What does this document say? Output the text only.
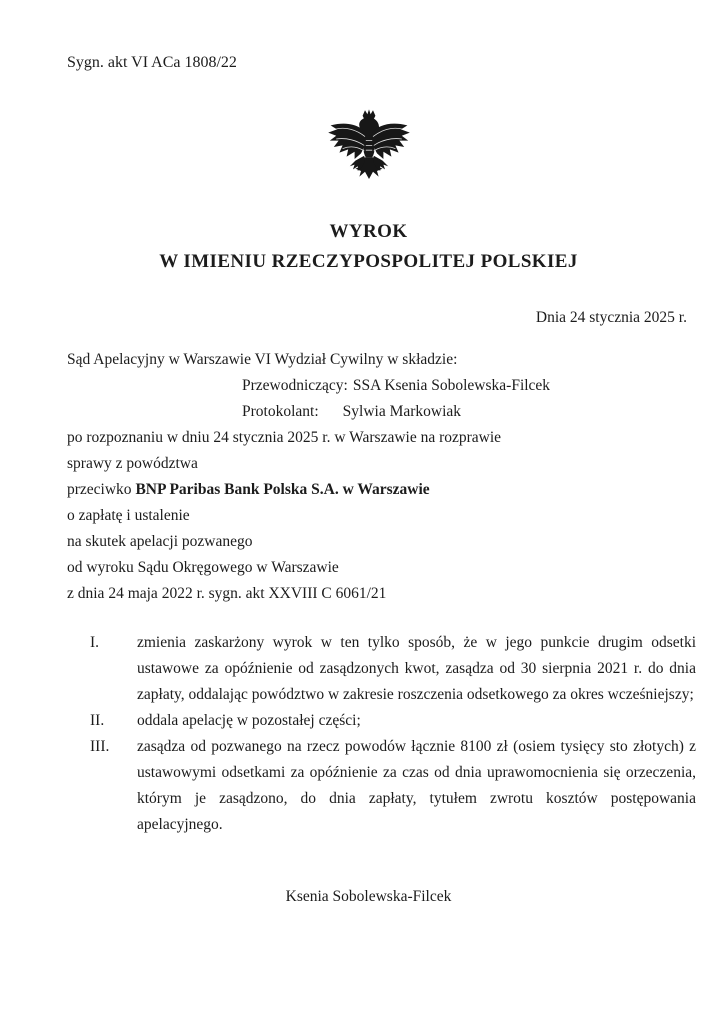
Sygn. akt VI ACa 1808/22

WYROK
W IMIENIU RZECZYPOSPOLITEJ POLSKIEJ

Dnia 24 stycznia 2025 r.

Sąd Apelacyjny w Warszawie VI Wydział Cywilny w składzie:

Przewodniczący: SSA Ksenia Sobolewska-Filcek

Protokolant: Sylwia Markowiak

po rozpoznaniu w dniu 24 stycznia 2025 r. w Warszawie na rozprawie

sprawy z powództwa

przeciwko BNP Paribas Bank Polska S.A. w Warszawie

o zapłatę i ustalenie

na skutek apelacji pozwanego

od wyroku Sądu Okręgowego w Warszawie

z dnia 24 maja 2022 r. sygn. akt XXVIII C 6061/21

I.	zmienia zaskarżony wyrok w ten tylko sposób, że w jego punkcie drugim odsetki ustawowe za opóźnienie od zasądzonych kwot, zasądza od 30 sierpnia 2021 r. do dnia zapłaty, oddalając powództwo w zakresie roszczenia odsetkowego za okres wcześniejszy;
II.	oddala apelację w pozostałej części;
III.	zasądza od pozwanego na rzecz powodów łącznie 8100 zł (osiem tysięcy sto złotych) z ustawowymi odsetkami za opóźnienie za czas od dnia uprawomocnienia się orzeczenia, którym je zasądzono, do dnia zapłaty, tytułem zwrotu kosztów postępowania apelacyjnego.

Ksenia Sobolewska-Filcek
